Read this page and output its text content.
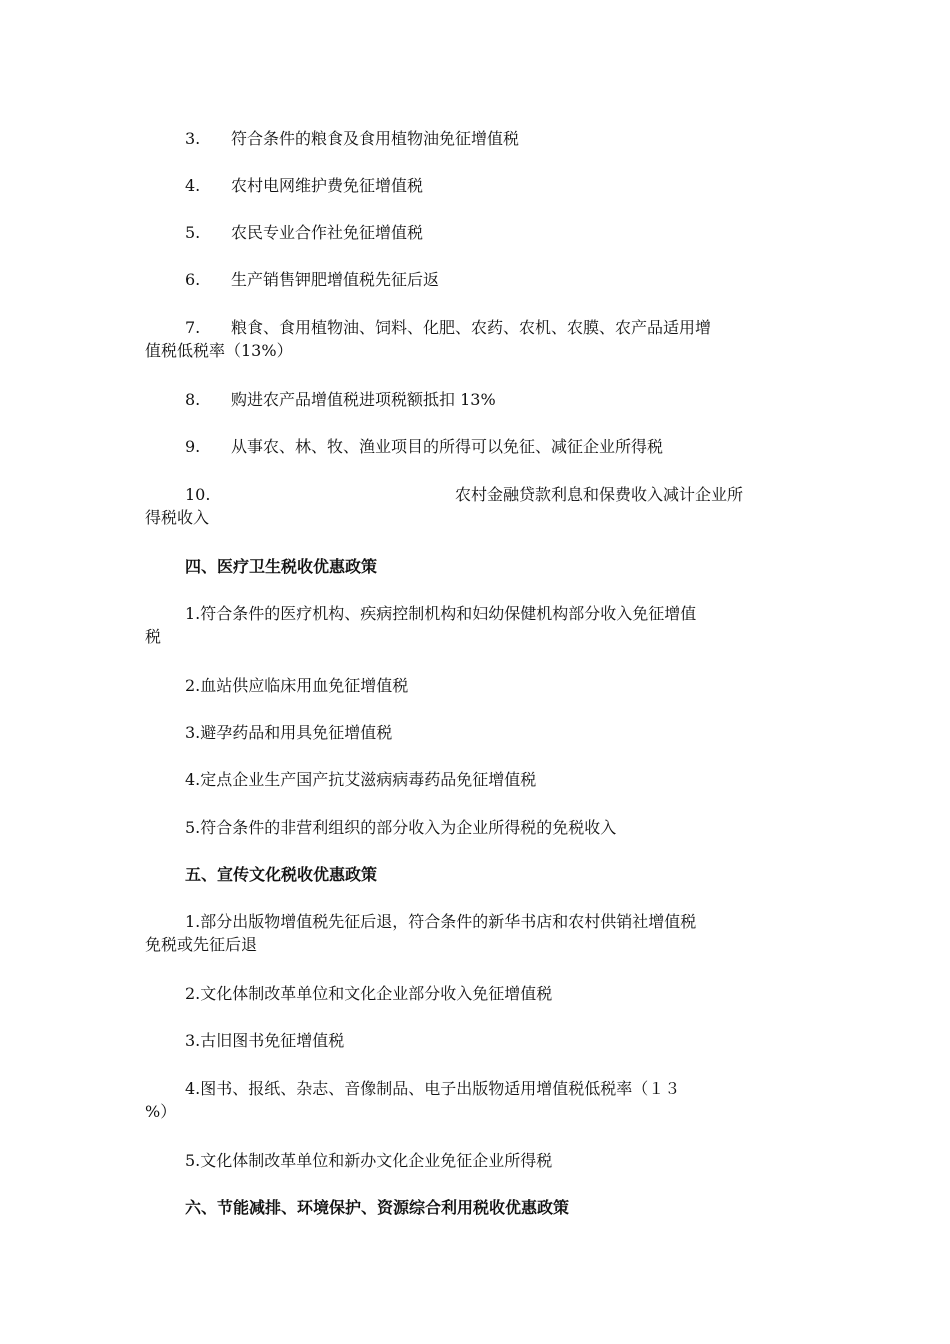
3. 符合条件的粮食及食用植物油免征增值税
4. 农村电网维护费免征增值税
5. 农民专业合作社免征增值税
6. 生产销售钾肥增值税先征后返
7. 粮食、食用植物油、饲料、化肥、农药、农机、农膜、农产品适用增
值税低税率（13%）
8. 购进农产品增值税进项税额抵扣 13%
9. 从事农、林、牧、渔业项目的所得可以免征、减征企业所得税
10.	农村金融贷款利息和保费收入减计企业所
得税收入
四、医疗卫生税收优惠政策
1.符合条件的医疗机构、疾病控制机构和妇幼保健机构部分收入免征增值
税
2.血站供应临床用血免征增值税
3.避孕药品和用具免征增值税
4.定点企业生产国产抗艾滋病病毒药品免征增值税
5.符合条件的非营利组织的部分收入为企业所得税的免税收入
五、宣传文化税收优惠政策
1.部分出版物增值税先征后退，符合条件的新华书店和农村供销社增值税
免税或先征后退
2.文化体制改革单位和文化企业部分收入免征增值税
3.古旧图书免征增值税
4.图书、报纸、杂志、音像制品、电子出版物适用增值税低税率（１３
%）
5.文化体制改革单位和新办文化企业免征企业所得税
六、节能减排、环境保护、资源综合利用税收优惠政策
